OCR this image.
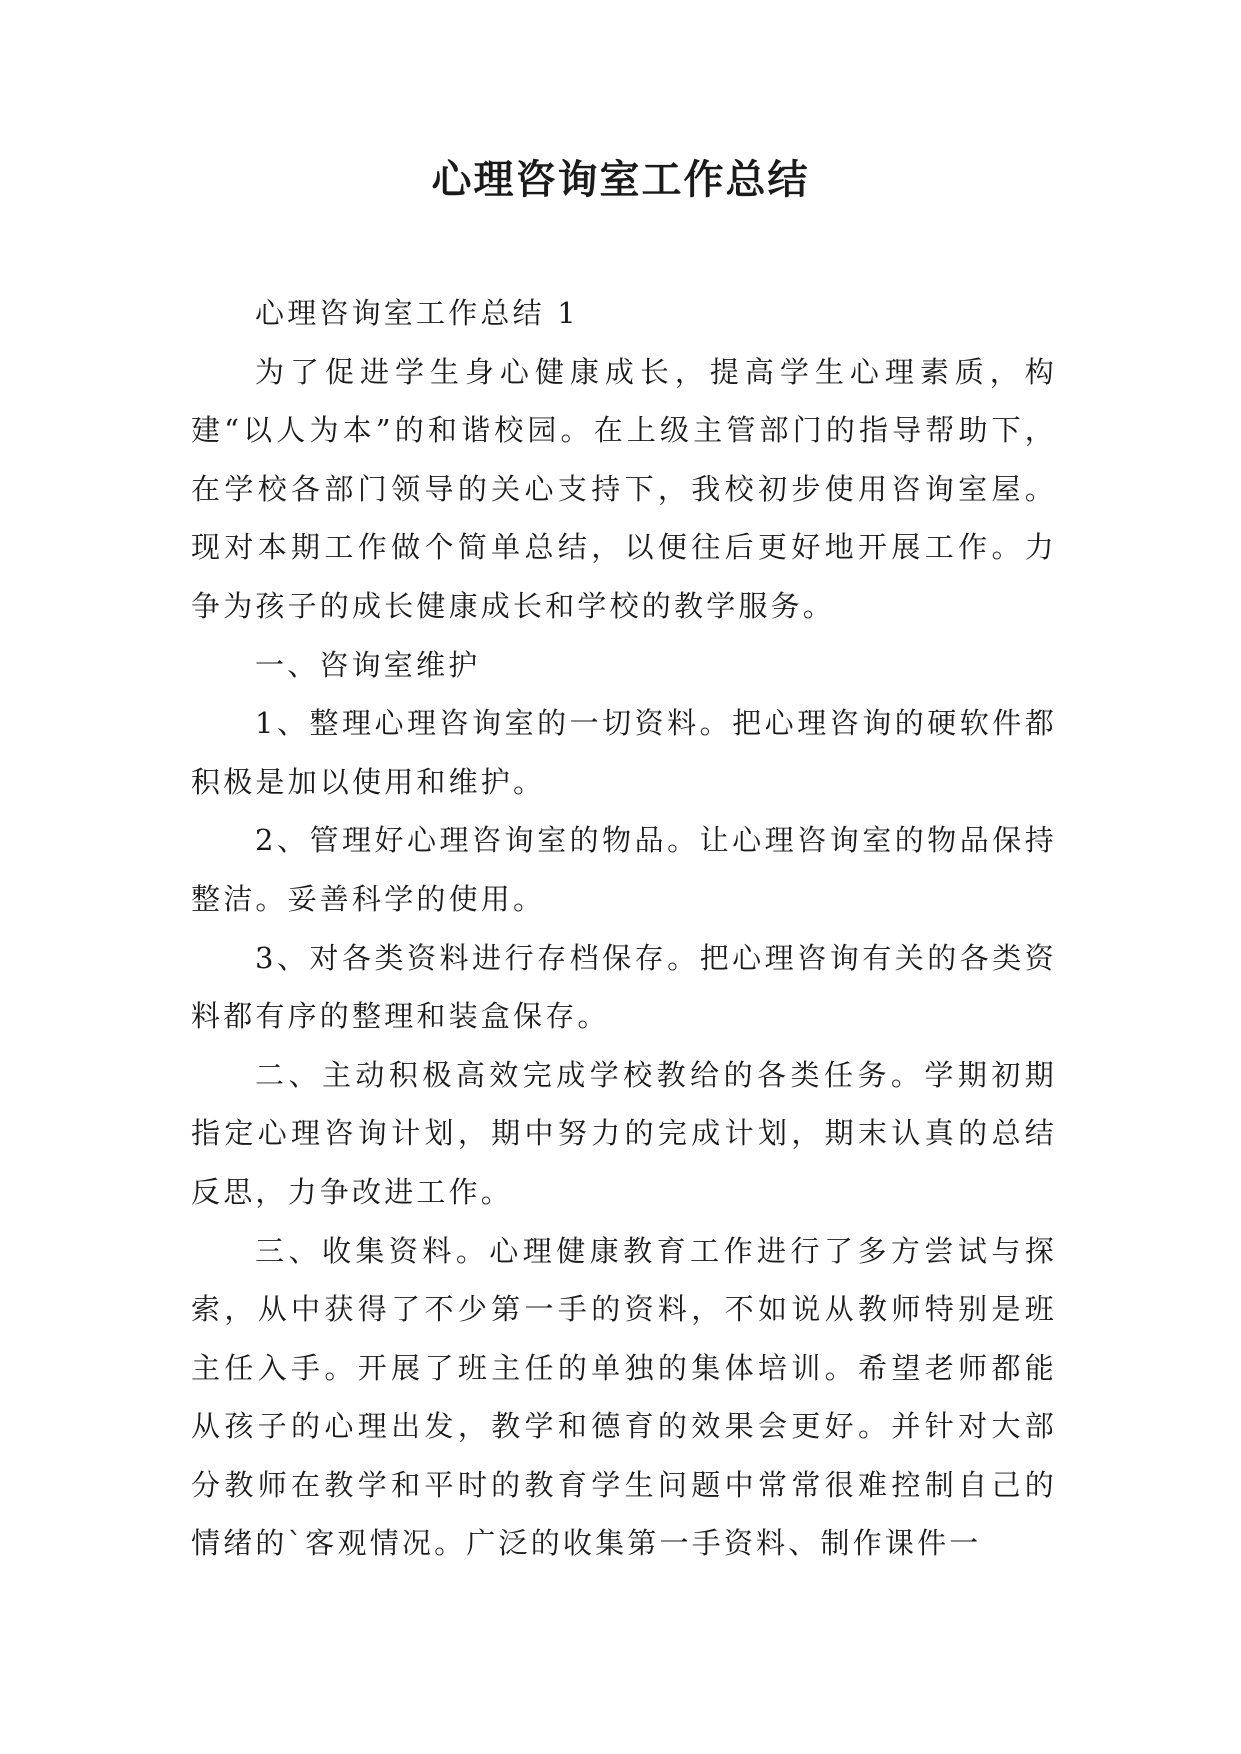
心理咨询室工作总结

心理咨询室工作总结 1

为了促进学生身心健康成长，提高学生心理素质，构建“以人为本”的和谐校园。在上级主管部门的指导帮助下，在学校各部门领导的关心支持下，我校初步使用咨询室屋。现对本期工作做个简单总结，以便往后更好地开展工作。力争为孩子的成长健康成长和学校的教学服务。

一、咨询室维护

1、整理心理咨询室的一切资料。把心理咨询的硬软件都积极是加以使用和维护。

2、管理好心理咨询室的物品。让心理咨询室的物品保持整洁。妥善科学的使用。

3、对各类资料进行存档保存。把心理咨询有关的各类资料都有序的整理和装盒保存。

二、主动积极高效完成学校教给的各类任务。学期初期指定心理咨询计划，期中努力的完成计划，期末认真的总结反思，力争改进工作。

三、收集资料。心理健康教育工作进行了多方尝试与探索，从中获得了不少第一手的资料，不如说从教师特别是班主任入手。开展了班主任的单独的集体培训。希望老师都能从孩子的心理出发，教学和德育的效果会更好。并针对大部分教师在教学和平时的教育学生问题中常常很难控制自己的情绪的`客观情况。广泛的收集第一手资料、制作课件一
